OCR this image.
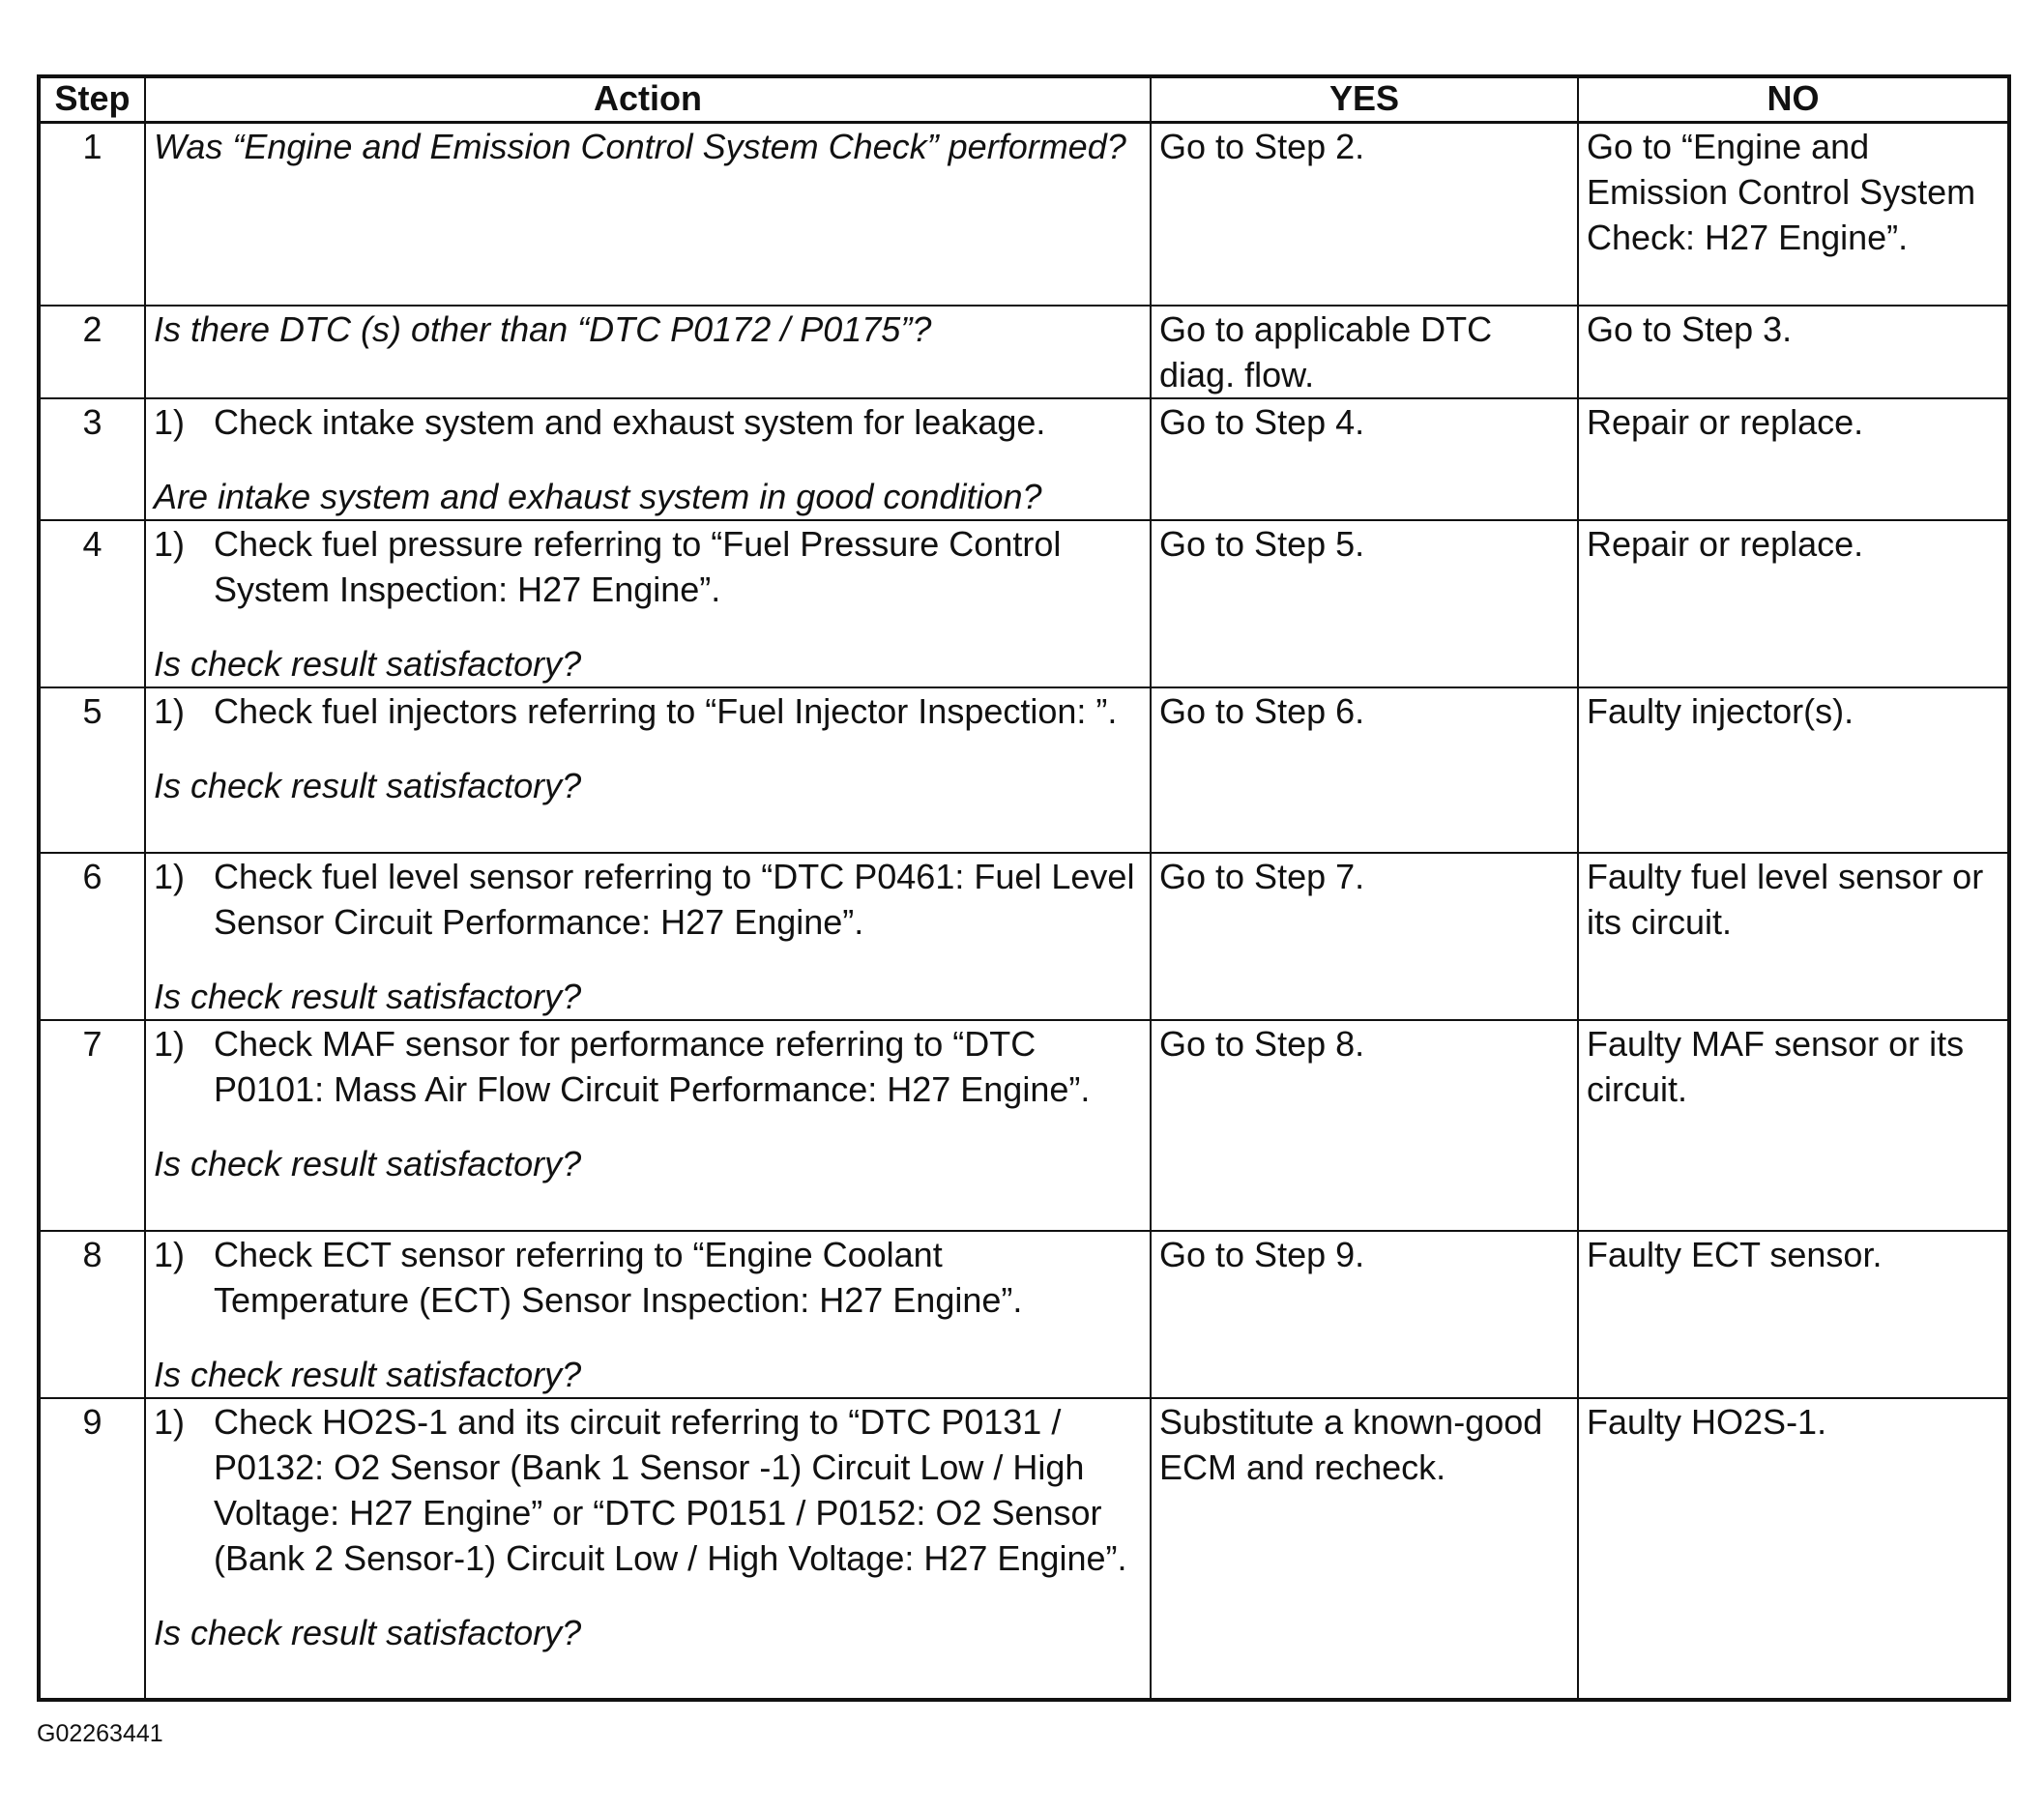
Step	Action	YES	NO
1	Was “Engine and Emission Control System Check” performed?	Go to Step 2.	Go to “Engine and Emission Control System Check: H27 Engine”.

2	Is there DTC (s) other than “DTC P0172 / P0175”?	Go to applicable DTC diag. flow.	Go to Step 3.

3	1) Check intake system and exhaust system for leakage.
Are intake system and exhaust system in good condition?	Go to Step 4.	Repair or replace.

4	1) Check fuel pressure referring to “Fuel Pressure Control System Inspection: H27 Engine”.
Is check result satisfactory?	Go to Step 5.	Repair or replace.

5	1) Check fuel injectors referring to “Fuel Injector Inspection: ”.
Is check result satisfactory?	Go to Step 6.	Faulty injector(s).

6	1) Check fuel level sensor referring to “DTC P0461: Fuel Level Sensor Circuit Performance: H27 Engine”.
Is check result satisfactory?	Go to Step 7.	Faulty fuel level sensor or its circuit.

7	1) Check MAF sensor for performance referring to “DTC P0101: Mass Air Flow Circuit Performance: H27 Engine”.
Is check result satisfactory?	Go to Step 8.	Faulty MAF sensor or its circuit.

8	1) Check ECT sensor referring to “Engine Coolant Temperature (ECT) Sensor Inspection: H27 Engine”.
Is check result satisfactory?	Go to Step 9.	Faulty ECT sensor.

9	1) Check HO2S-1 and its circuit referring to “DTC P0131 / P0132: O2 Sensor (Bank 1 Sensor -1) Circuit Low / High Voltage: H27 Engine” or “DTC P0151 / P0152: O2 Sensor (Bank 2 Sensor-1) Circuit Low / High Voltage: H27 Engine”.
Is check result satisfactory?	Substitute a known-good ECM and recheck.	Faulty HO2S-1.
G02263441
